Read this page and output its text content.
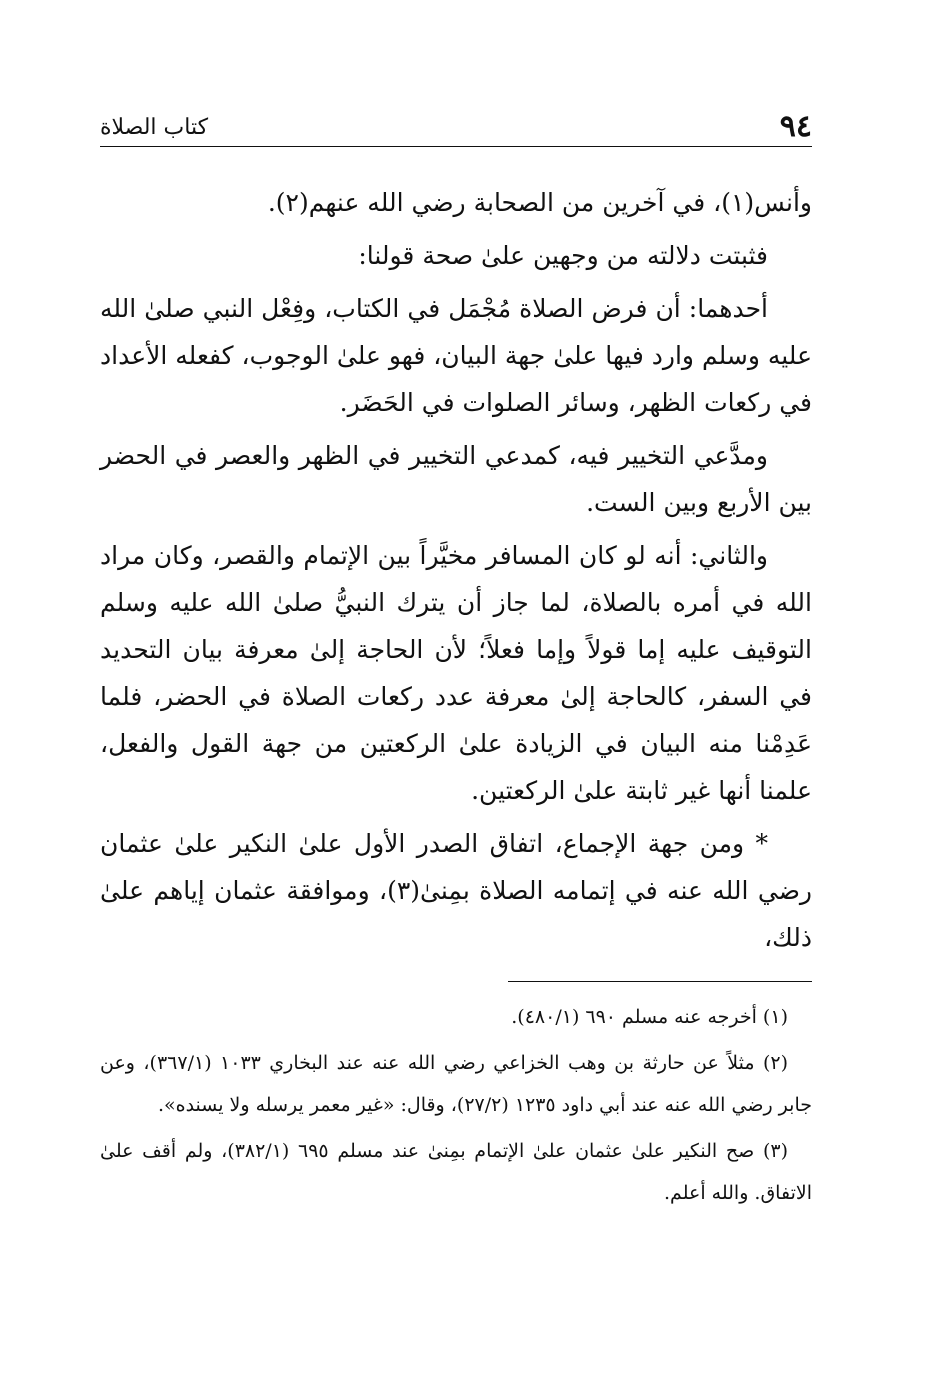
٩٤
كتاب الصلاة

وأنس(١)، في آخرين من الصحابة رضي الله عنهم(٢).

فثبتت دلالته من وجهين علىٰ صحة قولنا:

أحدهما: أن فرض الصلاة مُجْمَل في الكتاب، وفِعْل النبي صلىٰ الله عليه وسلم وارد فيها علىٰ جهة البيان، فهو علىٰ الوجوب، كفعله الأعداد في ركعات الظهر، وسائر الصلوات في الحَضَر.

ومدَّعي التخيير فيه، كمدعي التخيير في الظهر والعصر في الحضر بين الأربع وبين الست.

والثاني: أنه لو كان المسافر مخيَّراً بين الإتمام والقصر، وكان مراد الله في أمره بالصلاة، لما جاز أن يترك النبيُّ صلىٰ الله عليه وسلم التوقيف عليه إما قولاً وإما فعلاً؛ لأن الحاجة إلىٰ معرفة بيان التحديد في السفر، كالحاجة إلىٰ معرفة عدد ركعات الصلاة في الحضر، فلما عَدِمْنا منه البيان في الزيادة علىٰ الركعتين من جهة القول والفعل، علمنا أنها غير ثابتة علىٰ الركعتين.

* ومن جهة الإجماع، اتفاق الصدر الأول علىٰ النكير علىٰ عثمان رضي الله عنه في إتمامه الصلاة بمِنىٰ(٣)، وموافقة عثمان إياهم علىٰ ذلك،

(١) أخرجه عنه مسلم ٦٩٠ (٤٨٠/١).

(٢) مثلاً عن حارثة بن وهب الخزاعي رضي الله عنه عند البخاري ١٠٣٣ (٣٦٧/١)، وعن جابر رضي الله عنه عند أبي داود ١٢٣٥ (٢٧/٢)، وقال: «غير معمر يرسله ولا يسنده».

(٣) صح النكير علىٰ عثمان علىٰ الإتمام بمِنىٰ عند مسلم ٦٩٥ (٣٨٢/١)، ولم أقف علىٰ الاتفاق. والله أعلم.
